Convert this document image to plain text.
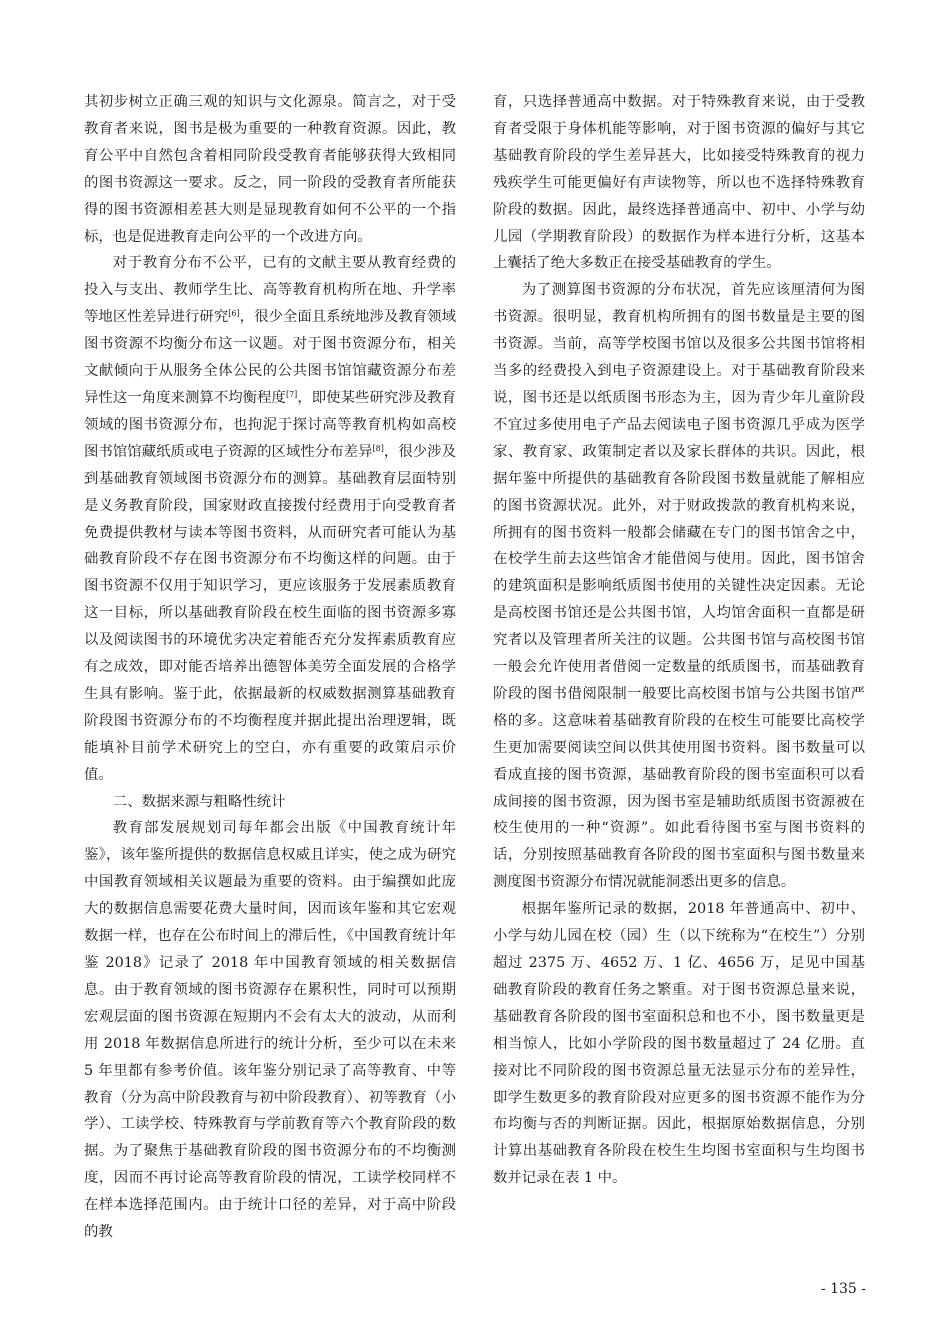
其初步树立正确三观的知识与文化源泉。简言之，对于受教育者来说，图书是极为重要的一种教育资源。因此，教育公平中自然包含着相同阶段受教育者能够获得大致相同的图书资源这一要求。反之，同一阶段的受教育者所能获得的图书资源相差甚大则是显现教育如何不公平的一个指标，也是促进教育走向公平的一个改进方向。

对于教育分布不公平，已有的文献主要从教育经费的投入与支出、教师学生比、高等教育机构所在地、升学率等地区性差异进行研究[6]，很少全面且系统地涉及教育领域图书资源不均衡分布这一议题。对于图书资源分布，相关文献倾向于从服务全体公民的公共图书馆馆藏资源分布差异性这一角度来测算不均衡程度[7]，即使某些研究涉及教育领域的图书资源分布，也拘泥于探讨高等教育机构如高校图书馆馆藏纸质或电子资源的区域性分布差异[8]，很少涉及到基础教育领域图书资源分布的测算。基础教育层面特别是义务教育阶段，国家财政直接拨付经费用于向受教育者免费提供教材与读本等图书资料，从而研究者可能认为基础教育阶段不存在图书资源分布不均衡这样的问题。由于图书资源不仅用于知识学习，更应该服务于发展素质教育这一目标，所以基础教育阶段在校生面临的图书资源多寡以及阅读图书的环境优劣决定着能否充分发挥素质教育应有之成效，即对能否培养出德智体美劳全面发展的合格学生具有影响。鉴于此，依据最新的权威数据测算基础教育阶段图书资源分布的不均衡程度并据此提出治理逻辑，既能填补目前学术研究上的空白，亦有重要的政策启示价值。

二、数据来源与粗略性统计

教育部发展规划司每年都会出版《中国教育统计年鉴》，该年鉴所提供的数据信息权威且详实，使之成为研究中国教育领域相关议题最为重要的资料。由于编撰如此庞大的数据信息需要花费大量时间，因而该年鉴和其它宏观数据一样，也存在公布时间上的滞后性，《中国教育统计年鉴 2018》记录了 2018 年中国教育领域的相关数据信息。由于教育领域的图书资源存在累积性，同时可以预期宏观层面的图书资源在短期内不会有太大的波动，从而利用 2018 年数据信息所进行的统计分析，至少可以在未来 5 年里都有参考价值。该年鉴分别记录了高等教育、中等教育（分为高中阶段教育与初中阶段教育）、初等教育（小学）、工读学校、特殊教育与学前教育等六个教育阶段的数据。为了聚焦于基础教育阶段的图书资源分布的不均衡测度，因而不再讨论高等教育阶段的情况，工读学校同样不在样本选择范围内。由于统计口径的差异，对于高中阶段的教

育，只选择普通高中数据。对于特殊教育来说，由于受教育者受限于身体机能等影响，对于图书资源的偏好与其它基础教育阶段的学生差异甚大，比如接受特殊教育的视力残疾学生可能更偏好有声读物等，所以也不选择特殊教育阶段的数据。因此，最终选择普通高中、初中、小学与幼儿园（学期教育阶段）的数据作为样本进行分析，这基本上囊括了绝大多数正在接受基础教育的学生。

为了测算图书资源的分布状况，首先应该厘清何为图书资源。很明显，教育机构所拥有的图书数量是主要的图书资源。当前，高等学校图书馆以及很多公共图书馆将相当多的经费投入到电子资源建设上。对于基础教育阶段来说，图书还是以纸质图书形态为主，因为青少年儿童阶段不宜过多使用电子产品去阅读电子图书资源几乎成为医学家、教育家、政策制定者以及家长群体的共识。因此，根据年鉴中所提供的基础教育各阶段图书数量就能了解相应的图书资源状况。此外，对于财政拨款的教育机构来说，所拥有的图书资料一般都会储藏在专门的图书馆舍之中，在校学生前去这些馆舍才能借阅与使用。因此，图书馆舍的建筑面积是影响纸质图书使用的关键性决定因素。无论是高校图书馆还是公共图书馆，人均馆舍面积一直都是研究者以及管理者所关注的议题。公共图书馆与高校图书馆一般会允许使用者借阅一定数量的纸质图书，而基础教育阶段的图书借阅限制一般要比高校图书馆与公共图书馆严格的多。这意味着基础教育阶段的在校生可能要比高校学生更加需要阅读空间以供其使用图书资料。图书数量可以看成直接的图书资源，基础教育阶段的图书室面积可以看成间接的图书资源，因为图书室是辅助纸质图书资源被在校生使用的一种“资源”。如此看待图书室与图书资料的话，分别按照基础教育各阶段的图书室面积与图书数量来测度图书资源分布情况就能洞悉出更多的信息。

根据年鉴所记录的数据，2018 年普通高中、初中、小学与幼儿园在校（园）生（以下统称为“在校生”）分别超过 2375 万、4652 万、1 亿、4656 万，足见中国基础教育阶段的教育任务之繁重。对于图书资源总量来说，基础教育各阶段的图书室面积总和也不小，图书数量更是相当惊人，比如小学阶段的图书数量超过了 24 亿册。直接对比不同阶段的图书资源总量无法显示分布的差异性，即学生数更多的教育阶段对应更多的图书资源不能作为分布均衡与否的判断证据。因此，根据原始数据信息，分别计算出基础教育各阶段在校生生均图书室面积与生均图书数并记录在表 1 中。

- 135 -
